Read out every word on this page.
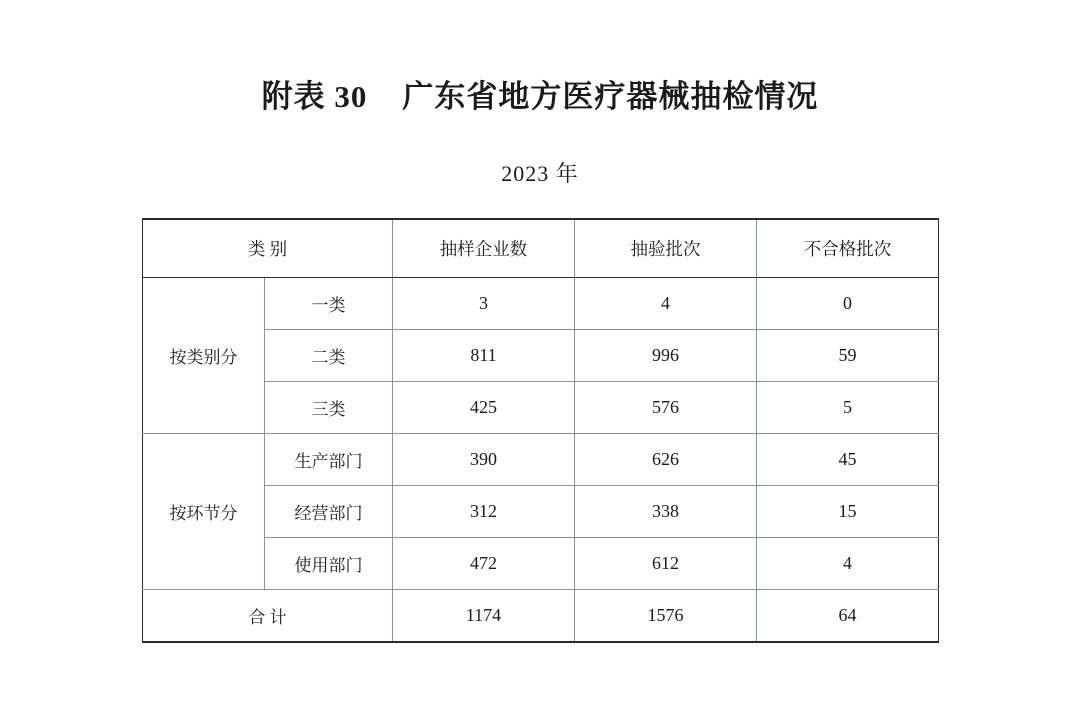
附表 30    广东省地方医疗器械抽检情况
2023 年
类 别		抽样企业数	抽验批次	不合格批次
按类别分	一类	3	4	0
	二类	811	996	59
	三类	425	576	5
按环节分	生产部门	390	626	45
	经营部门	312	338	15
	使用部门	472	612	4
合 计		1174	1576	64
